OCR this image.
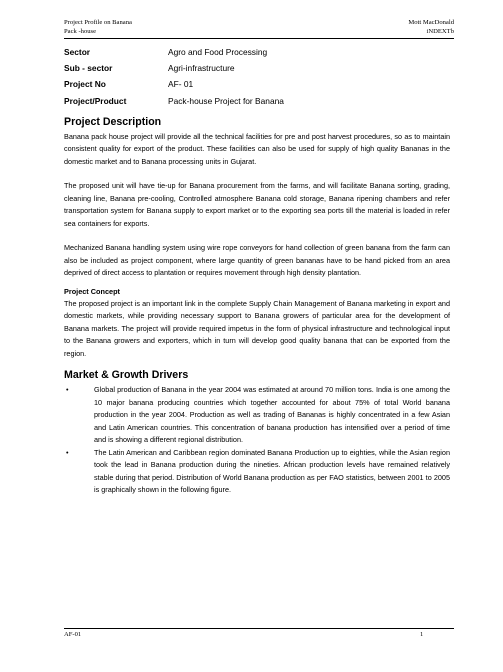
Project Profile on Banana
Pack -house
Mott MacDonald
iNDEXTb
Sector	Agro and Food Processing
Sub - sector	Agri-infrastructure
Project No	AF- 01
Project/Product	Pack-house Project for Banana
Project Description

Banana pack house project will provide all the technical facilities for pre and post harvest procedures, so as to maintain consistent quality for export of the product. These facilities can also be used for supply of high quality Bananas in the domestic market and to Banana processing units in Gujarat.

The proposed unit will have tie-up for Banana procurement from the farms, and will facilitate Banana sorting, grading, cleaning line, Banana pre-cooling, Controlled atmosphere Banana cold storage, Banana ripening chambers and refer transportation system for Banana supply to export market or to the exporting sea ports till the material is loaded in refer sea containers for exports.

Mechanized Banana handling system using wire rope conveyors for hand collection of green banana from the farm can also be included as project component, where large quantity of green bananas have to be hand picked from an area deprived of direct access to plantation or requires movement through high density plantation.

Project Concept

The proposed project is an important link in the complete Supply Chain Management of Banana marketing in export and domestic markets, while providing necessary support to Banana growers of particular area for the development of Banana markets. The project will provide required impetus in the form of physical infrastructure and technological input to the Banana growers and exporters, which in turn will develop good quality banana that can be exported from the region.

Market & Growth Drivers
•	Global production of Banana in the year 2004 was estimated at around 70 million tons. India is one among the 10 major banana producing countries which together accounted for about 75% of total World banana production in the year 2004. Production as well as trading of Bananas is highly concentrated in a few Asian and Latin American countries. This concentration of banana production has intensified over a period of time and is showing a different regional distribution.
•	The Latin American and Caribbean region dominated Banana Production up to eighties, while the Asian region took the lead in Banana production during the nineties. African production levels have remained relatively stable during that period. Distribution of World Banana production as per FAO statistics, between 2001 to 2005 is graphically shown in the following figure.
AF-01	1
